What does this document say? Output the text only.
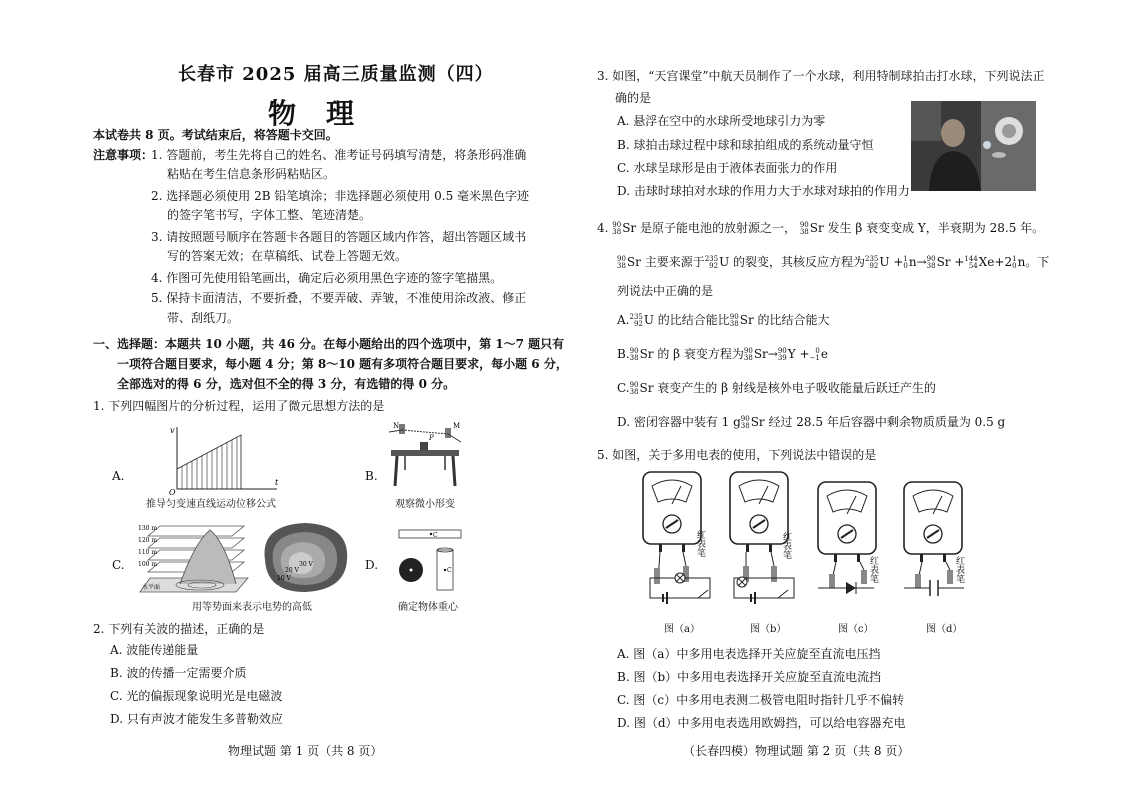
长春市 2025 届高三质量监测（四）
物理
本试卷共 8 页。考试结束后，将答题卡交回。
注意事项：
1. 答题前，考生先将自己的姓名、准考证号码填写清楚，将条形码准确
粘贴在考生信息条形码粘贴区。
2. 选择题必须使用 2B 铅笔填涂；非选择题必须使用 0.5 毫米黑色字迹
的签字笔书写，字体工整、笔迹清楚。
3. 请按照题号顺序在答题卡各题目的答题区域内作答，超出答题区域书
写的答案无效；在草稿纸、试卷上答题无效。
4. 作图可先使用铅笔画出，确定后必须用黑色字迹的签字笔描黑。
5. 保持卡面清洁，不要折叠，不要弄破、弄皱，不准使用涂改液、修正
带、刮纸刀。
一、选择题：本题共 10 小题，共 46 分。在每小题给出的四个选项中，第 1～7 题只有
一项符合题目要求，每小题 4 分；第 8～10 题有多项符合题目要求，每小题 6 分，
全部选对的得 6 分，选对但不全的得 3 分，有选错的得 0 分。
1. 下列四幅图片的分析过程，运用了微元思想方法的是
A.
v
t
O
推导匀变速直线运动位移公式
B.
N	M
P
观察微小形变
C.
130 m
120 m
110 m
100 m
水平面
30 V
20 V
10 V
0 V
用等势面来表示电势的高低
D.
C
C
确定物体重心
2. 下列有关波的描述，正确的是
A. 波能传递能量
B. 波的传播一定需要介质
C. 光的偏振现象说明光是电磁波
D. 只有声波才能发生多普勒效应
物理试题 第 1 页（共 8 页）
3. 如图，“天宫课堂”中航天员制作了一个水球，利用特制球拍击打水球，下列说法正
确的是
A. 悬浮在空中的水球所受地球引力为零
B. 球拍击球过程中球和球拍组成的系统动量守恒
C. 水球呈球形是由于液体表面张力的作用
D. 击球时球拍对水球的作用力大于水球对球拍的作用力
4. 90
38 Sr 是原子能电池的放射源之一， 90
38 Sr 发生 β 衰变变成 Y，半衰期为 28.5 年。
90
38 Sr 主要来源于 235
92 U 的裂变，其核反应方程为 235
92 U + 1
0 n→ 90
38 Sr + 144
54 Xe+2 1
0 n。下
列说法中正确的是
A. 235
92 U 的比结合能比 90
38 Sr 的比结合能大
B. 90
38 Sr 的 β 衰变方程为 90
38 Sr→ 90
39 Y + 0
−1 e
C. 90
38 Sr 衰变产生的 β 射线是核外电子吸收能量后跃迁产生的
D. 密闭容器中装有 1 g 90
38 Sr 经过 28.5 年后容器中剩余物质质量为 0.5 g
5. 如图，关于多用电表的使用，下列说法中错误的是
红表笔	红表笔
红表笔	红表笔
图（a）	图（b）	图（c）	图（d）
A. 图（a）中多用电表选择开关应旋至直流电压挡
B. 图（b）中多用电表选择开关应旋至直流电流挡
C. 图（c）中多用电表测二极管电阻时指针几乎不偏转
D. 图（d）中多用电表选用欧姆挡，可以给电容器充电
（长春四模）物理试题 第 2 页（共 8 页）
